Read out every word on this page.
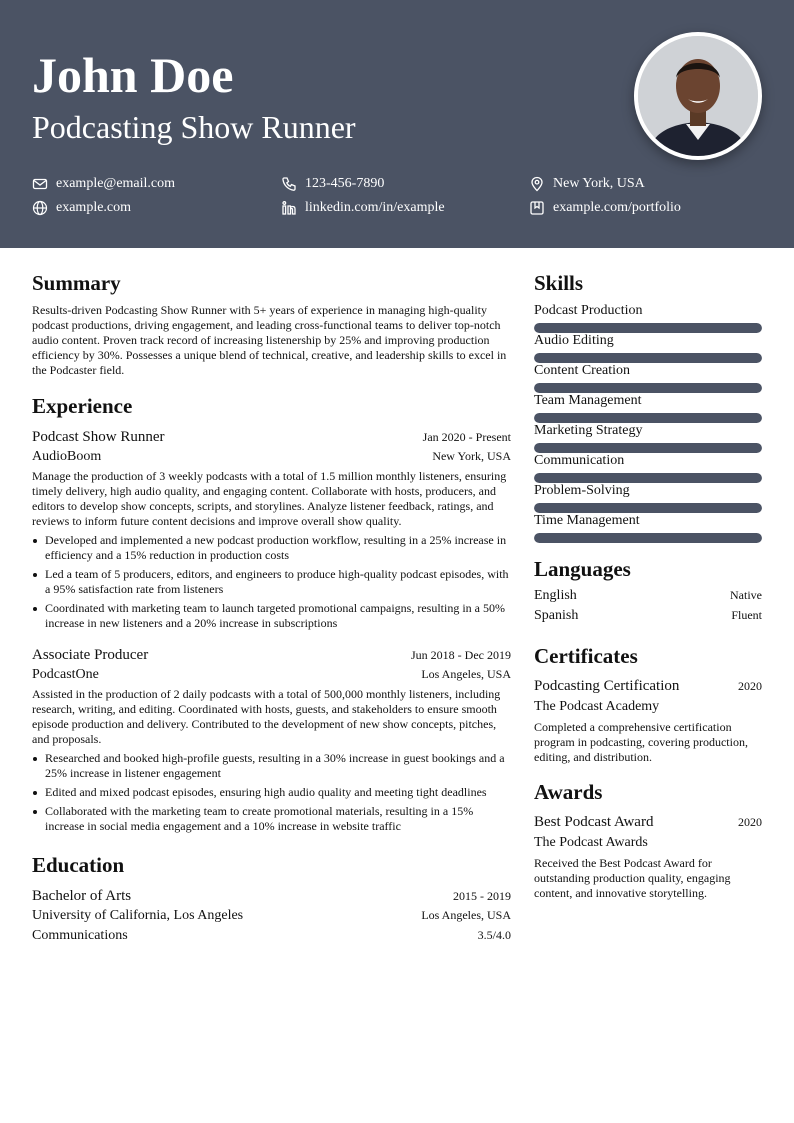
John Doe
Podcasting Show Runner
example@email.com	123-456-7890	New York, USA
example.com	linkedin.com/in/example	example.com/portfolio
Summary
Results-driven Podcasting Show Runner with 5+ years of experience in managing high-quality podcast productions, driving engagement, and leading cross-functional teams to deliver top-notch audio content. Proven track record of increasing listenership by 25% and improving production efficiency by 30%. Possesses a unique blend of technical, creative, and leadership skills to excel in the Podcaster field.
Experience
Podcast Show Runner	Jan 2020 - Present
AudioBoom	New York, USA
Manage the production of 3 weekly podcasts with a total of 1.5 million monthly listeners, ensuring timely delivery, high audio quality, and engaging content. Collaborate with hosts, producers, and editors to develop show concepts, scripts, and storylines. Analyze listener feedback, ratings, and reviews to inform future content decisions and improve overall show quality.
Developed and implemented a new podcast production workflow, resulting in a 25% increase in efficiency and a 15% reduction in production costs
Led a team of 5 producers, editors, and engineers to produce high-quality podcast episodes, with a 95% satisfaction rate from listeners
Coordinated with marketing team to launch targeted promotional campaigns, resulting in a 50% increase in new listeners and a 20% increase in subscriptions
Associate Producer	Jun 2018 - Dec 2019
PodcastOne	Los Angeles, USA
Assisted in the production of 2 daily podcasts with a total of 500,000 monthly listeners, including research, writing, and editing. Coordinated with hosts, guests, and stakeholders to ensure smooth episode production and delivery. Contributed to the development of new show concepts, pitches, and proposals.
Researched and booked high-profile guests, resulting in a 30% increase in guest bookings and a 25% increase in listener engagement
Edited and mixed podcast episodes, ensuring high audio quality and meeting tight deadlines
Collaborated with the marketing team to create promotional materials, resulting in a 15% increase in social media engagement and a 10% increase in website traffic
Education
Bachelor of Arts	2015 - 2019
University of California, Los Angeles	Los Angeles, USA
Communications	3.5/4.0
Skills
Podcast Production
Audio Editing
Content Creation
Team Management
Marketing Strategy
Communication
Problem-Solving
Time Management
Languages
English	Native
Spanish	Fluent
Certificates
Podcasting Certification	2020
The Podcast Academy
Completed a comprehensive certification program in podcasting, covering production, editing, and distribution.
Awards
Best Podcast Award	2020
The Podcast Awards
Received the Best Podcast Award for outstanding production quality, engaging content, and innovative storytelling.
